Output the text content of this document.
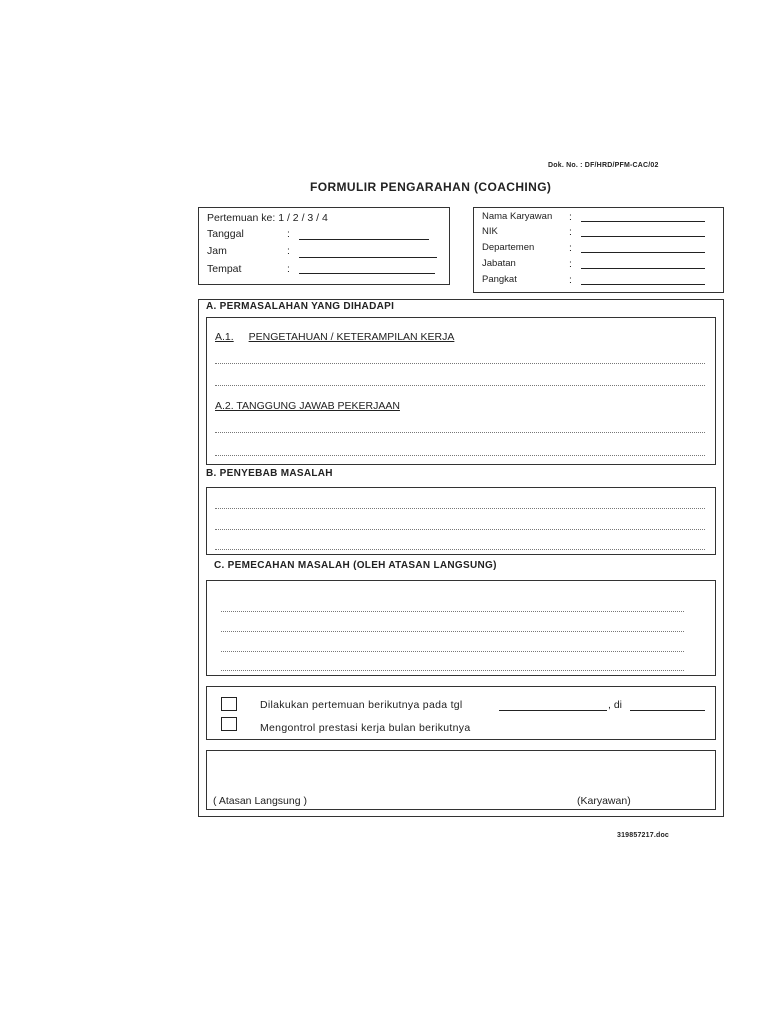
Dok. No. : DF/HRD/PFM-CAC/02
FORMULIR PENGARAHAN (COACHING)
Pertemuan ke: 1 / 2 / 3 / 4
Tanggal	:
Jam	:
Tempat	:
Nama Karyawan :
NIK	:
Departemen	:
Jabatan	:
Pangkat	:
A. PERMASALAHAN YANG DIHADAPI
A.1. PENGETAHUAN / KETERAMPILAN KERJA
A.2. TANGGUNG JAWAB PEKERJAAN
B. PENYEBAB MASALAH
C. PEMECAHAN MASALAH (OLEH ATASAN LANGSUNG)
Dilakukan pertemuan berikutnya pada tgl	, di
Mengontrol prestasi kerja bulan berikutnya
( Atasan Langsung )	(Karyawan)
319857217.doc
